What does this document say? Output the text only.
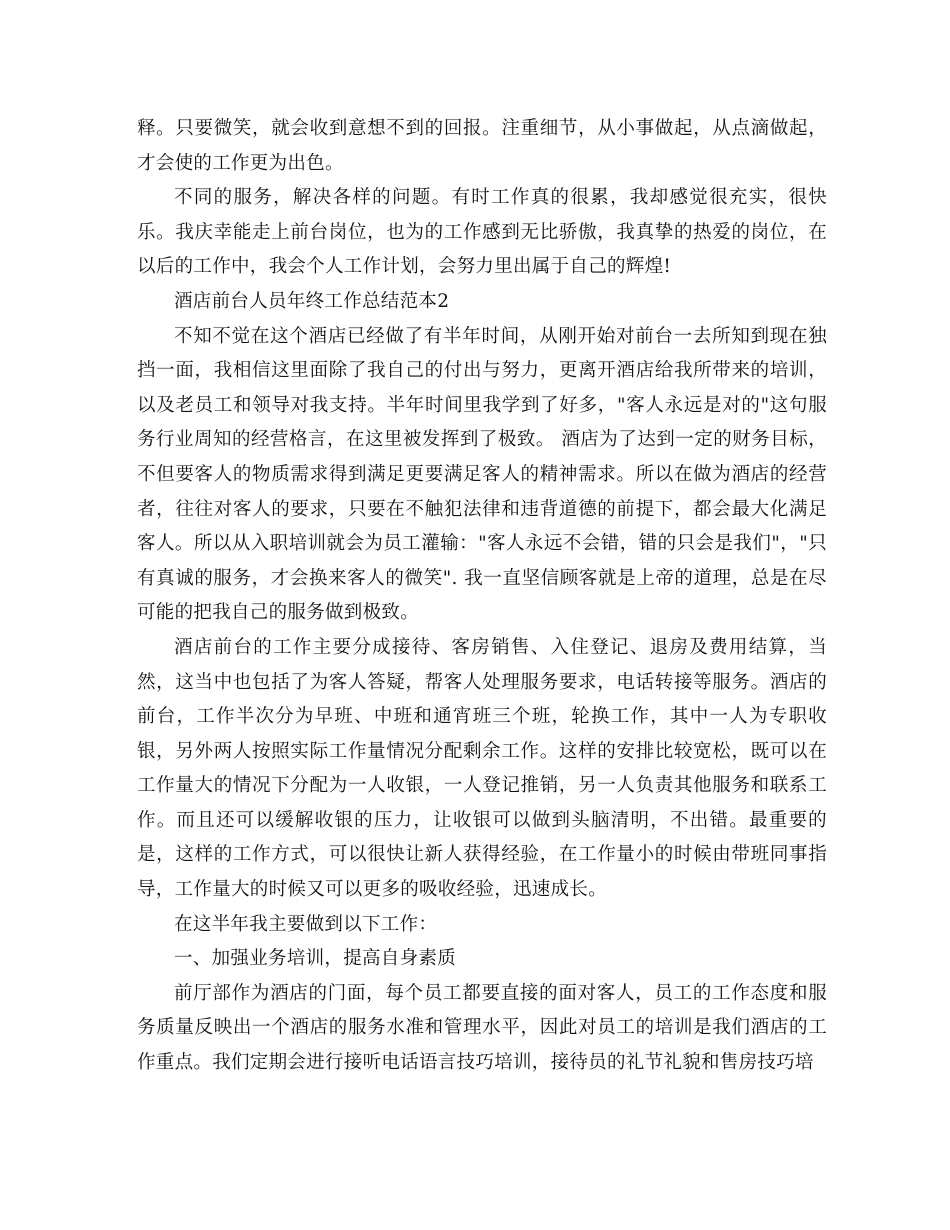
释。只要微笑，就会收到意想不到的回报。注重细节，从小事做起，从点滴做起，才会使的工作更为出色。

不同的服务，解决各样的问题。有时工作真的很累，我却感觉很充实，很快乐。我庆幸能走上前台岗位，也为的工作感到无比骄傲，我真挚的热爱的岗位，在以后的工作中，我会个人工作计划，会努力里出属于自己的辉煌!

酒店前台人员年终工作总结范本2

不知不觉在这个酒店已经做了有半年时间，从刚开始对前台一去所知到现在独挡一面，我相信这里面除了我自己的付出与努力，更离开酒店给我所带来的培训，以及老员工和领导对我支持。半年时间里我学到了好多，"客人永远是对的"这句服务行业周知的经营格言，在这里被发挥到了极致。 酒店为了达到一定的财务目标，不但要客人的物质需求得到满足更要满足客人的精神需求。所以在做为酒店的经营者，往往对客人的要求，只要在不触犯法律和违背道德的前提下，都会最大化满足客人。所以从入职培训就会为员工灌输："客人永远不会错，错的只会是我们"，"只有真诚的服务，才会换来客人的微笑". 我一直坚信顾客就是上帝的道理，总是在尽可能的把我自己的服务做到极致。

酒店前台的工作主要分成接待、客房销售、入住登记、退房及费用结算，当然，这当中也包括了为客人答疑，帮客人处理服务要求，电话转接等服务。酒店的前台，工作半次分为早班、中班和通宵班三个班，轮换工作，其中一人为专职收银，另外两人按照实际工作量情况分配剩余工作。这样的安排比较宽松，既可以在工作量大的情况下分配为一人收银，一人登记推销，另一人负责其他服务和联系工作。而且还可以缓解收银的压力，让收银可以做到头脑清明，不出错。最重要的是，这样的工作方式，可以很快让新人获得经验，在工作量小的时候由带班同事指导，工作量大的时候又可以更多的吸收经验，迅速成长。

在这半年我主要做到以下工作：

一、加强业务培训，提高自身素质

前厅部作为酒店的门面，每个员工都要直接的面对客人，员工的工作态度和服务质量反映出一个酒店的服务水准和管理水平，因此对员工的培训是我们酒店的工作重点。我们定期会进行接听电话语言技巧培训，接待员的礼节礼貌和售房技巧培
